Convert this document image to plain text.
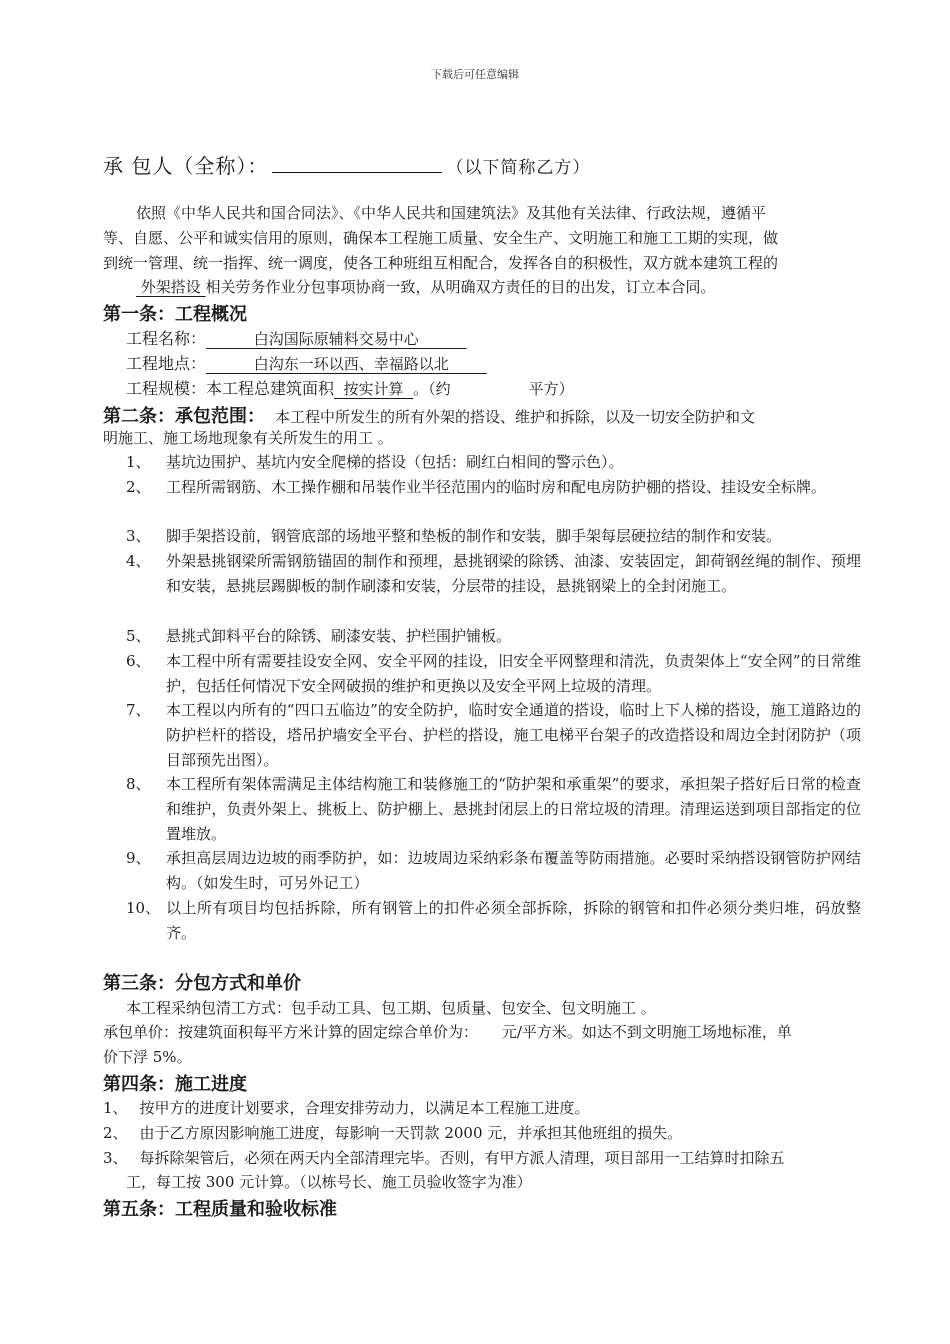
下载后可任意编辑
承 包人（全称）：	（以下简称乙方）
依照《中华人民共和国合同法》、《中华人民共和国建筑法》及其他有关法律、行政法规，遵循平
等、自愿、公平和诚实信用的原则，确保本工程施工质量、安全生产、文明施工和施工工期的实现，做
到统一管理、统一指挥、统一调度，使各工种班组互相配合，发挥各自的积极性，双方就本建筑工程的
外架搭设 相关劳务作业分包事项协商一致，从明确双方责任的目的出发，订立本合同。
第一条：工程概况
工程名称：          白沟国际原辅料交易中心
工程地点：          白沟东一环以西、幸福路以北
工程规模：本工程总建筑面积  按实计算  。（约	平方）
第二条：承包范围： 本工程中所发生的所有外架的搭设、维护和拆除，以及一切安全防护和文
明施工、施工场地现象有关所发生的用工 。
1、 基坑边围护、基坑内安全爬梯的搭设（包括：刷红白相间的警示色）。
2、 工程所需钢筋、木工操作棚和吊装作业半径范围内的临时房和配电房防护棚的搭设、挂设安全标牌。
3、 脚手架搭设前，钢管底部的场地平整和垫板的制作和安装，脚手架每层硬拉结的制作和安装。
4、 外架悬挑钢梁所需钢筋锚固的制作和预埋，悬挑钢梁的除锈、油漆、安装固定，卸荷钢丝绳的制作、预埋和安装，悬挑层踢脚板的制作刷漆和安装，分层带的挂设，悬挑钢梁上的全封闭施工。
5、 悬挑式卸料平台的除锈、刷漆安装、护栏围护铺板。
6、 本工程中所有需要挂设安全网、安全平网的挂设，旧安全平网整理和清洗，负责架体上“安全网”的日常维护，包括任何情况下安全网破损的维护和更换以及安全平网上垃圾的清理。
7、 本工程以内所有的“四口五临边”的安全防护，临时安全通道的搭设，临时上下人梯的搭设，施工道路边的防护栏杆的搭设，塔吊护墙安全平台、护栏的搭设，施工电梯平台架子的改造搭设和周边全封闭防护（项目部预先出图）。
8、 本工程所有架体需满足主体结构施工和装修施工的“防护架和承重架”的要求，承担架子搭好后日常的检查和维护，负责外架上、挑板上、防护棚上、悬挑封闭层上的日常垃圾的清理。清理运送到项目部指定的位置堆放。
9、 承担高层周边边坡的雨季防护，如：边坡周边采纳彩条布覆盖等防雨措施。必要时采纳搭设钢管防护网结构。（如发生时，可另外记工）
10、 以上所有项目均包括拆除，所有钢管上的扣件必须全部拆除，拆除的钢管和扣件必须分类归堆，码放整齐。
第三条：分包方式和单价
本工程采纳包清工方式：包手动工具、包工期、包质量、包安全、包文明施工 。
承包单价：按建筑面积每平方米计算的固定综合单价为：     元/平方米。如达不到文明施工场地标准，单
价下浮 5%。
第四条：施工进度
1、 按甲方的进度计划要求，合理安排劳动力，以满足本工程施工进度。
2、 由于乙方原因影响施工进度，每影响一天罚款 2000 元，并承担其他班组的损失。
3、 每拆除架管后，必须在两天内全部清理完毕。否则，有甲方派人清理，项目部用一工结算时扣除五
工，每工按 300 元计算。（以栋号长、施工员验收签字为准）
第五条：工程质量和验收标准
